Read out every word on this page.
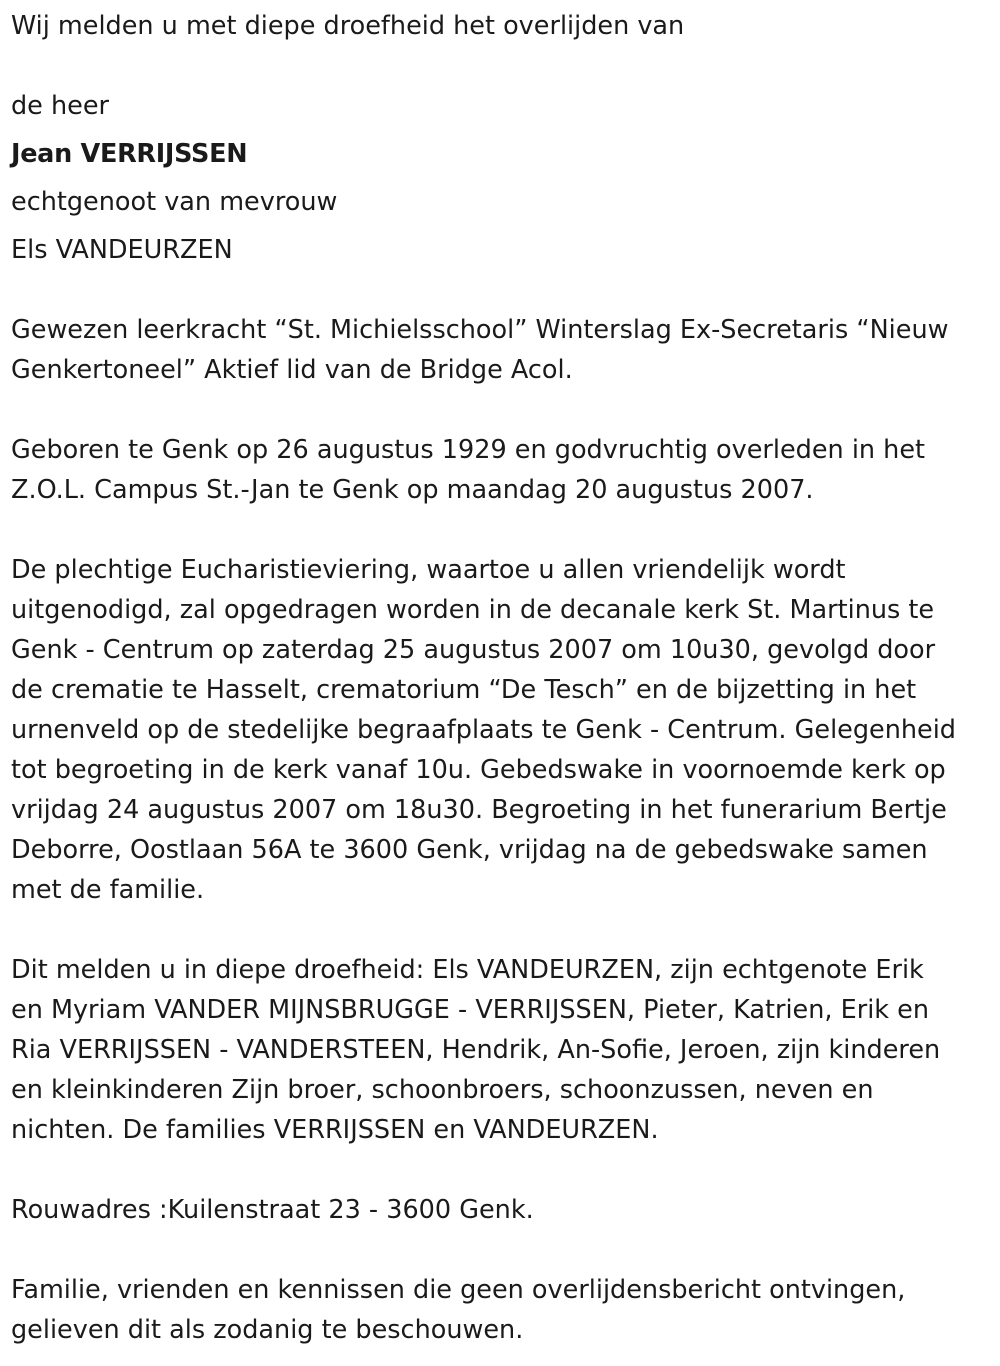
Wij melden u met diepe droefheid het overlijden van
de heer
Jean VERRIJSSEN
echtgenoot van mevrouw
Els VANDEURZEN
Gewezen leerkracht “St. Michielsschool” Winterslag Ex-Secretaris “Nieuw
Genkertoneel” Aktief lid van de Bridge Acol.
Geboren te Genk op 26 augustus 1929 en godvruchtig overleden in het
Z.O.L. Campus St.-Jan te Genk op maandag 20 augustus 2007.
De plechtige Eucharistieviering, waartoe u allen vriendelijk wordt
uitgenodigd, zal opgedragen worden in de decanale kerk St. Martinus te
Genk - Centrum op zaterdag 25 augustus 2007 om 10u30, gevolgd door
de crematie te Hasselt, crematorium “De Tesch” en de bijzetting in het
urnenveld op de stedelijke begraafplaats te Genk - Centrum. Gelegenheid
tot begroeting in de kerk vanaf 10u. Gebedswake in voornoemde kerk op
vrijdag 24 augustus 2007 om 18u30. Begroeting in het funerarium Bertje
Deborre, Oostlaan 56A te 3600 Genk, vrijdag na de gebedswake samen
met de familie.
Dit melden u in diepe droefheid: Els VANDEURZEN, zijn echtgenote Erik
en Myriam VANDER MIJNSBRUGGE - VERRIJSSEN, Pieter, Katrien, Erik en
Ria VERRIJSSEN - VANDERSTEEN, Hendrik, An-Sofie, Jeroen, zijn kinderen
en kleinkinderen Zijn broer, schoonbroers, schoonzussen, neven en
nichten. De families VERRIJSSEN en VANDEURZEN.
Rouwadres :Kuilenstraat 23 - 3600 Genk.
Familie, vrienden en kennissen die geen overlijdensbericht ontvingen,
gelieven dit als zodanig te beschouwen.
